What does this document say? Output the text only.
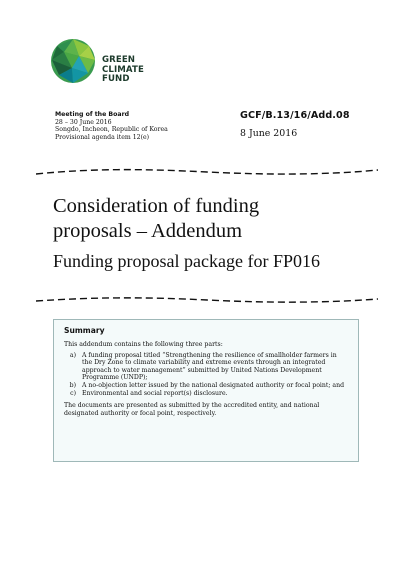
GREEN
CLIMATE
FUND
Meeting of the Board
28 – 30 June 2016
Songdo, Incheon, Republic of Korea
Provisional agenda item 12(e)
GCF/B.13/16/Add.08
8 June 2016
Consideration of funding
proposals – Addendum
Funding proposal package for FP016
Summary
This addendum contains the following three parts:
a) A funding proposal titled “Strengthening the resilience of smallholder farmers in the Dry Zone to climate variability and extreme events through an integrated approach to water management” submitted by United Nations Development Programme (UNDP);
b) A no-objection letter issued by the national designated authority or focal point; and
c) Environmental and social report(s) disclosure.
The documents are presented as submitted by the accredited entity, and national designated authority or focal point, respectively.
